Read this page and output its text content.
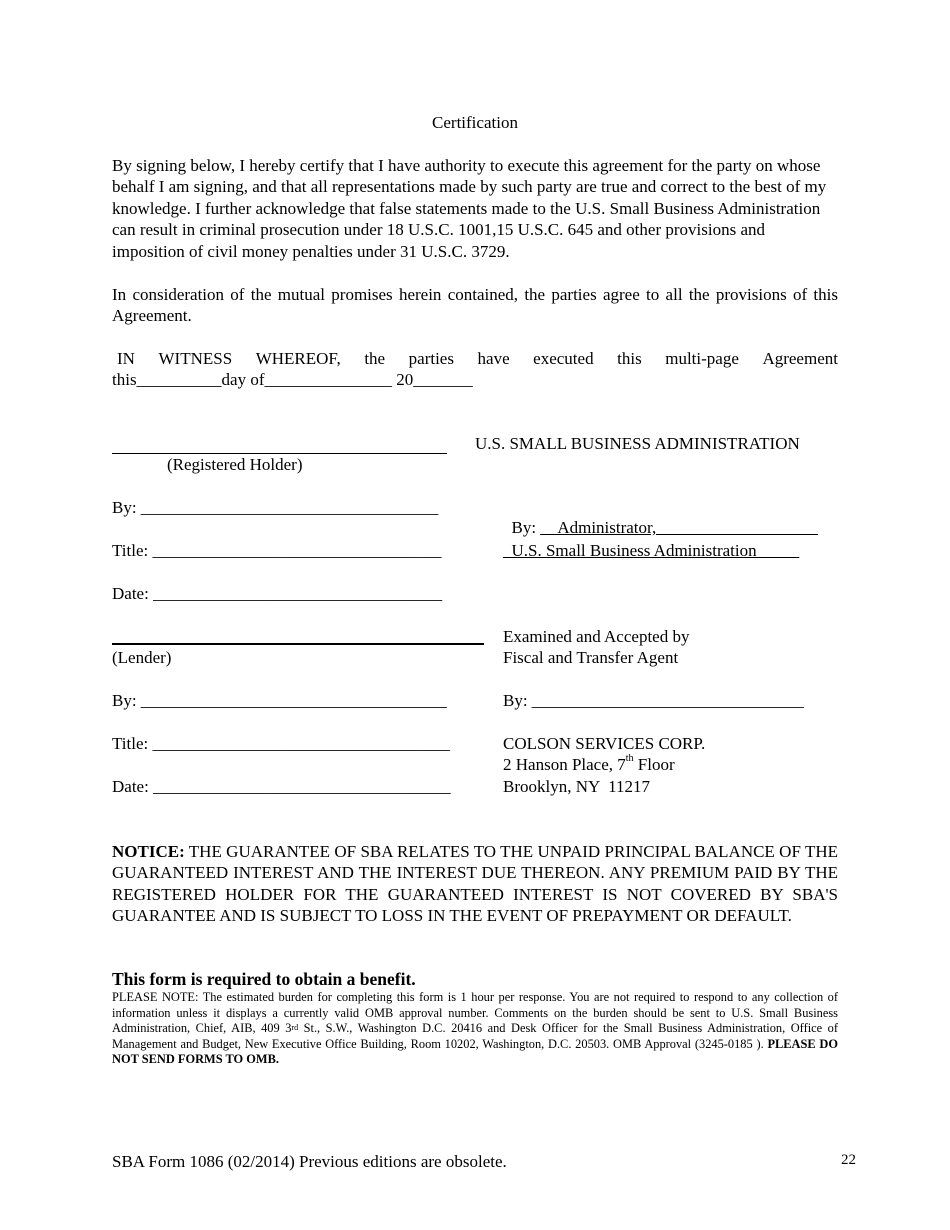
Certification
By signing below, I hereby certify that I have authority to execute this agreement for the party on whose behalf I am signing, and that all representations made by such party are true and correct to the best of my knowledge. I further acknowledge that false statements made to the U.S. Small Business Administration can result in criminal prosecution under 18 U.S.C. 1001,15 U.S.C. 645 and other provisions and imposition of civil money penalties under 31 U.S.C. 3729.
In consideration of the mutual promises herein contained, the parties agree to all the provisions of this Agreement.
IN WITNESS WHEREOF, the parties have executed this multi-page Agreement
this__________day of_______________ 20_______
(Registered Holder)
By: ___________________________________
Title: __________________________________
Date: __________________________________
(Lender)
By: ____________________________________
Title: ___________________________________
Date: ___________________________________
U.S. SMALL BUSINESS ADMINISTRATION

By: __Administrator,___________________

_U.S. Small Business Administration_____
Examined and Accepted by
Fiscal and Transfer Agent
By: ________________________________
COLSON SERVICES CORP.
2 Hanson Place, 7th Floor
Brooklyn, NY  11217
NOTICE: THE GUARANTEE OF SBA RELATES TO THE UNPAID PRINCIPAL BALANCE OF THE GUARANTEED INTEREST AND THE INTEREST DUE THEREON. ANY PREMIUM PAID BY THE REGISTERED HOLDER FOR THE GUARANTEED INTEREST IS NOT COVERED BY SBA'S GUARANTEE AND IS SUBJECT TO LOSS IN THE EVENT OF PREPAYMENT OR DEFAULT.
This form is required to obtain a benefit.
PLEASE NOTE: The estimated burden for completing this form is 1 hour per response. You are not required to respond to any collection of information unless it displays a currently valid OMB approval number. Comments on the burden should be sent to U.S. Small Business Administration, Chief, AIB, 409 3rd St., S.W., Washington D.C. 20416 and Desk Officer for the Small Business Administration, Office of Management and Budget, New Executive Office Building, Room 10202, Washington, D.C. 20503. OMB Approval (3245-0185 ). PLEASE DO NOT SEND FORMS TO OMB.
SBA Form 1086 (02/2014) Previous editions are obsolete.	22
